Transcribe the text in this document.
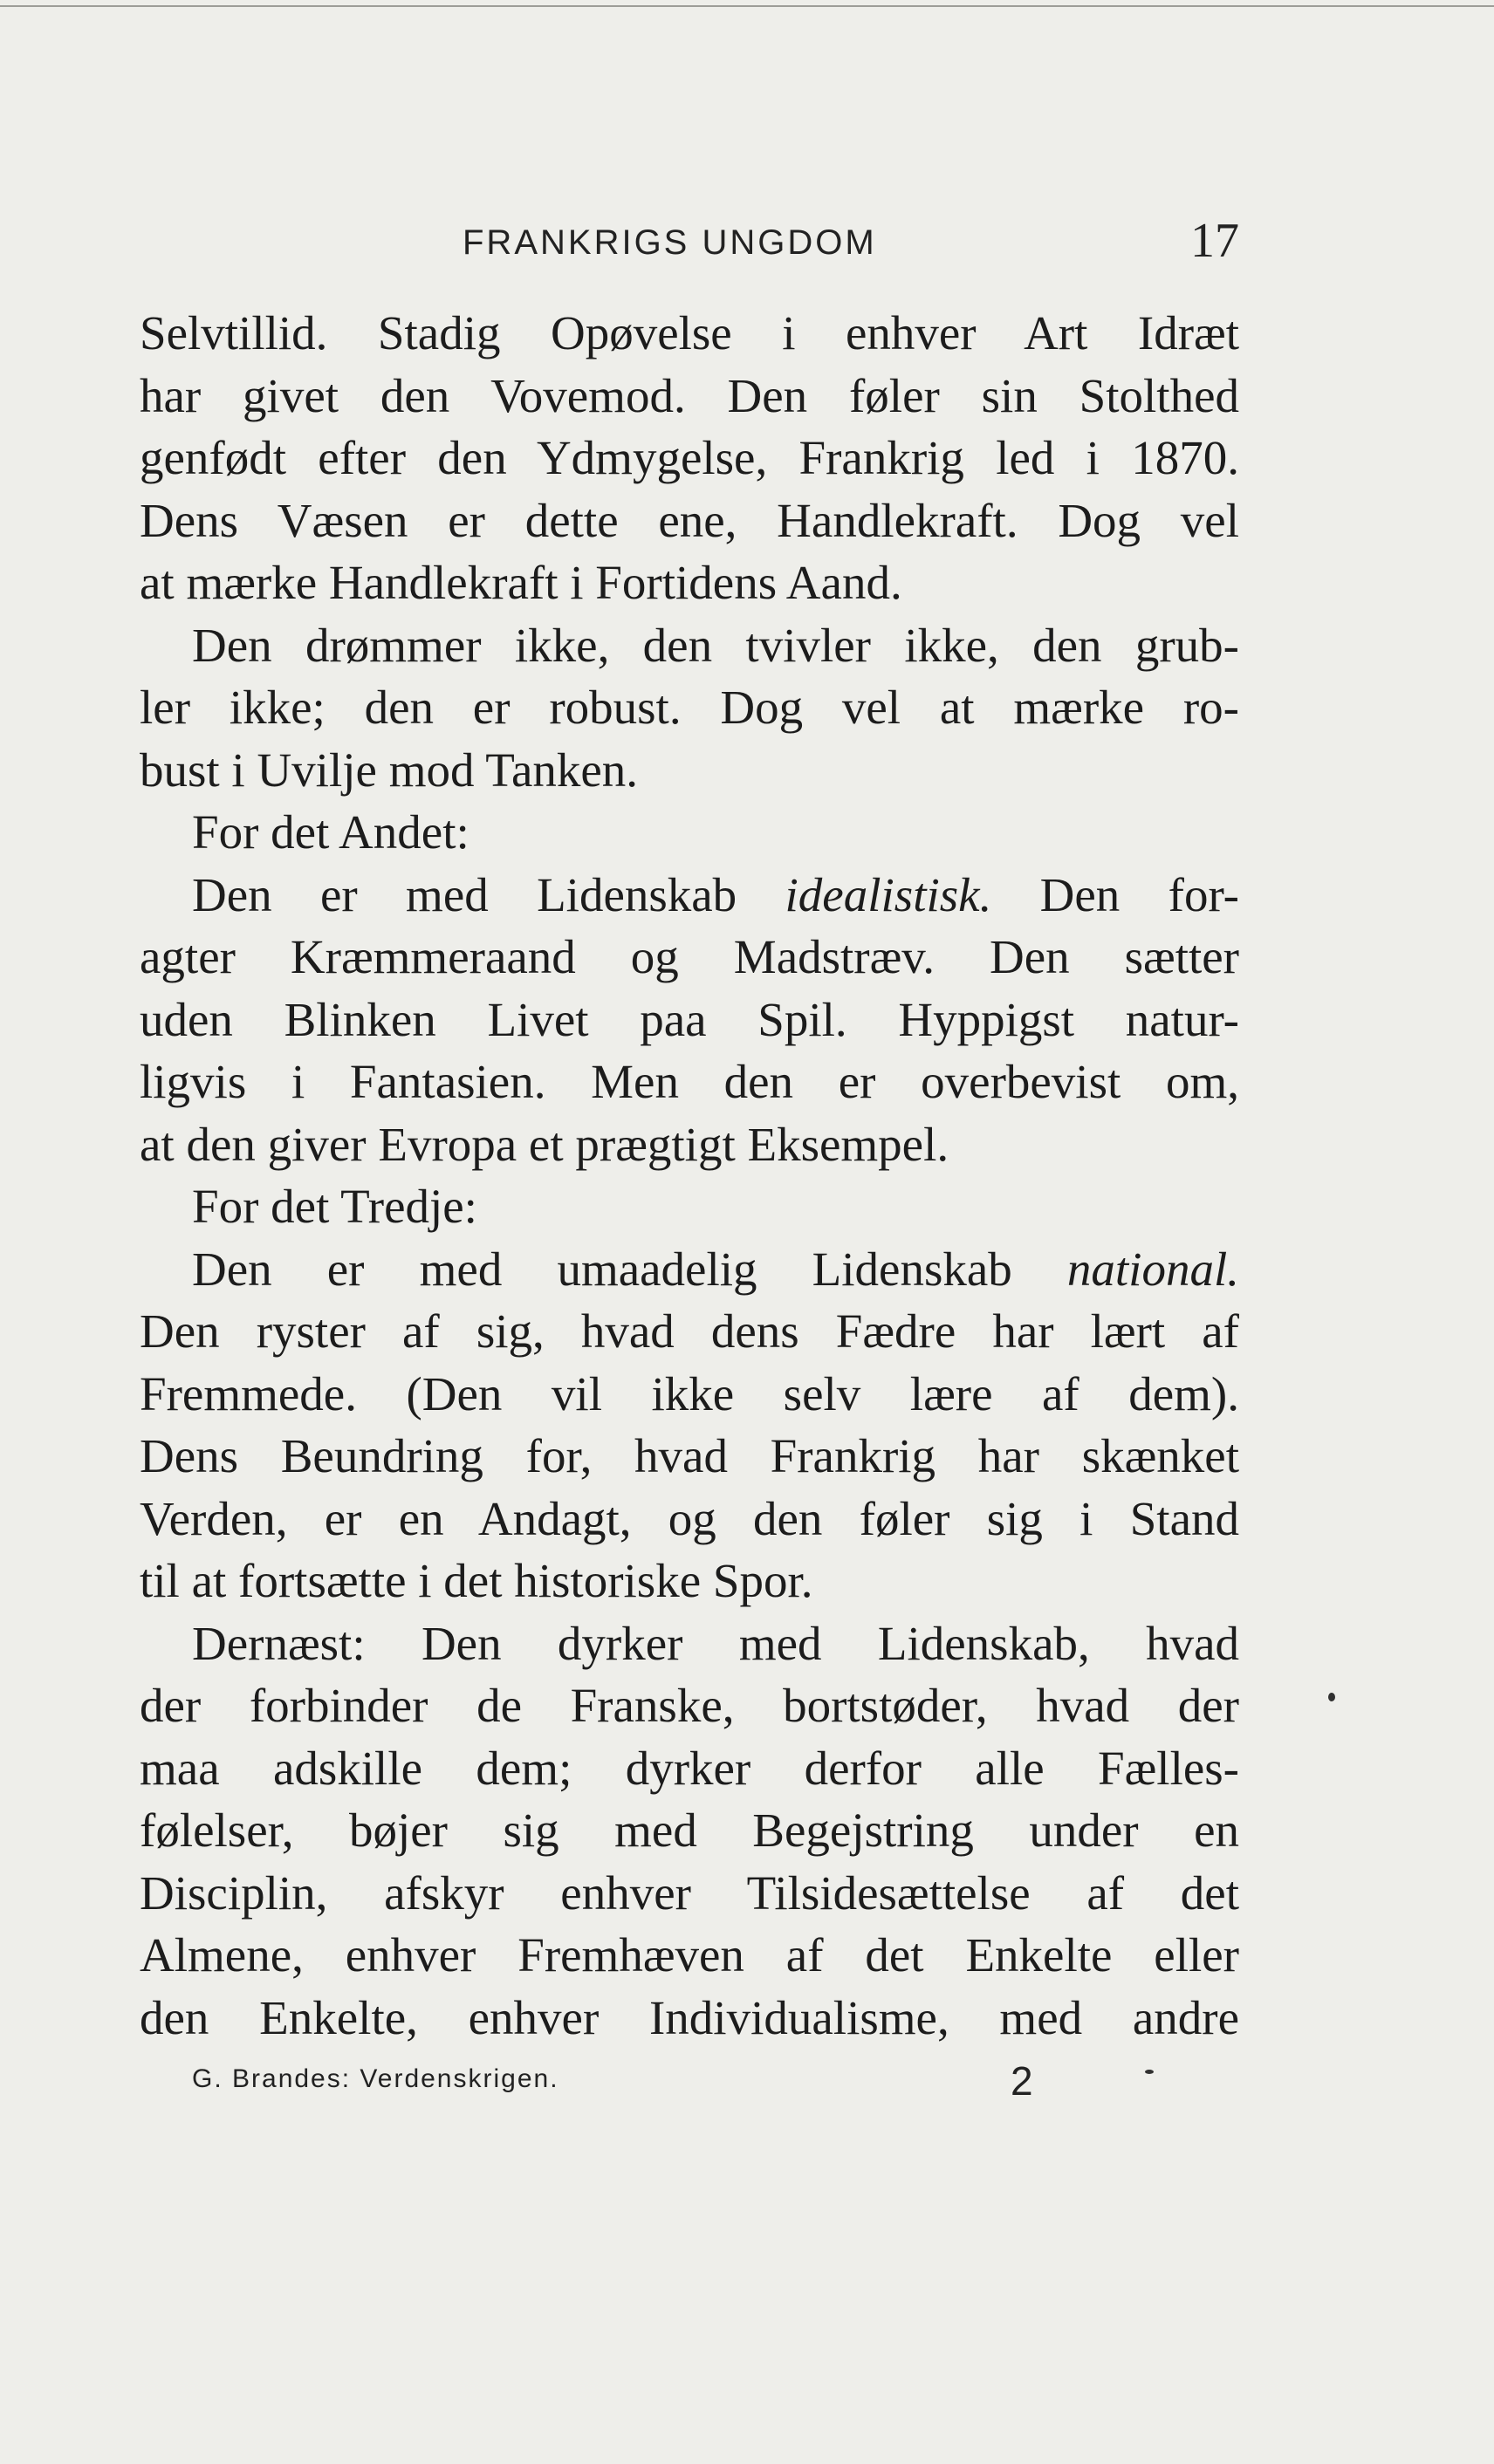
FRANKRIGS UNGDOM	17
Selvtillid. Stadig Opøvelse i enhver Art Idræt
har givet den Vovemod. Den føler sin Stolthed
genfødt efter den Ydmygelse, Frankrig led i 1870.
Dens Væsen er dette ene, Handlekraft. Dog vel
at mærke Handlekraft i Fortidens Aand.
Den drømmer ikke, den tvivler ikke, den grub-
ler ikke; den er robust. Dog vel at mærke ro-
bust i Uvilje mod Tanken.
For det Andet:
Den er med Lidenskab idealistisk. Den for-
agter Kræmmeraand og Madstræv. Den sætter
uden Blinken Livet paa Spil. Hyppigst natur-
ligvis i Fantasien. Men den er overbevist om,
at den giver Evropa et prægtigt Eksempel.
For det Tredje:
Den er med umaadelig Lidenskab national.
Den ryster af sig, hvad dens Fædre har lært af
Fremmede. (Den vil ikke selv lære af dem).
Dens Beundring for, hvad Frankrig har skænket
Verden, er en Andagt, og den føler sig i Stand
til at fortsætte i det historiske Spor.
Dernæst: Den dyrker med Lidenskab, hvad
der forbinder de Franske, bortstøder, hvad der
maa adskille dem; dyrker derfor alle Fælles-
følelser, bøjer sig med Begejstring under en
Disciplin, afskyr enhver Tilsidesættelse af det
Almene, enhver Fremhæven af det Enkelte eller
den Enkelte, enhver Individualisme, med andre
G. Brandes: Verdenskrigen.	2
